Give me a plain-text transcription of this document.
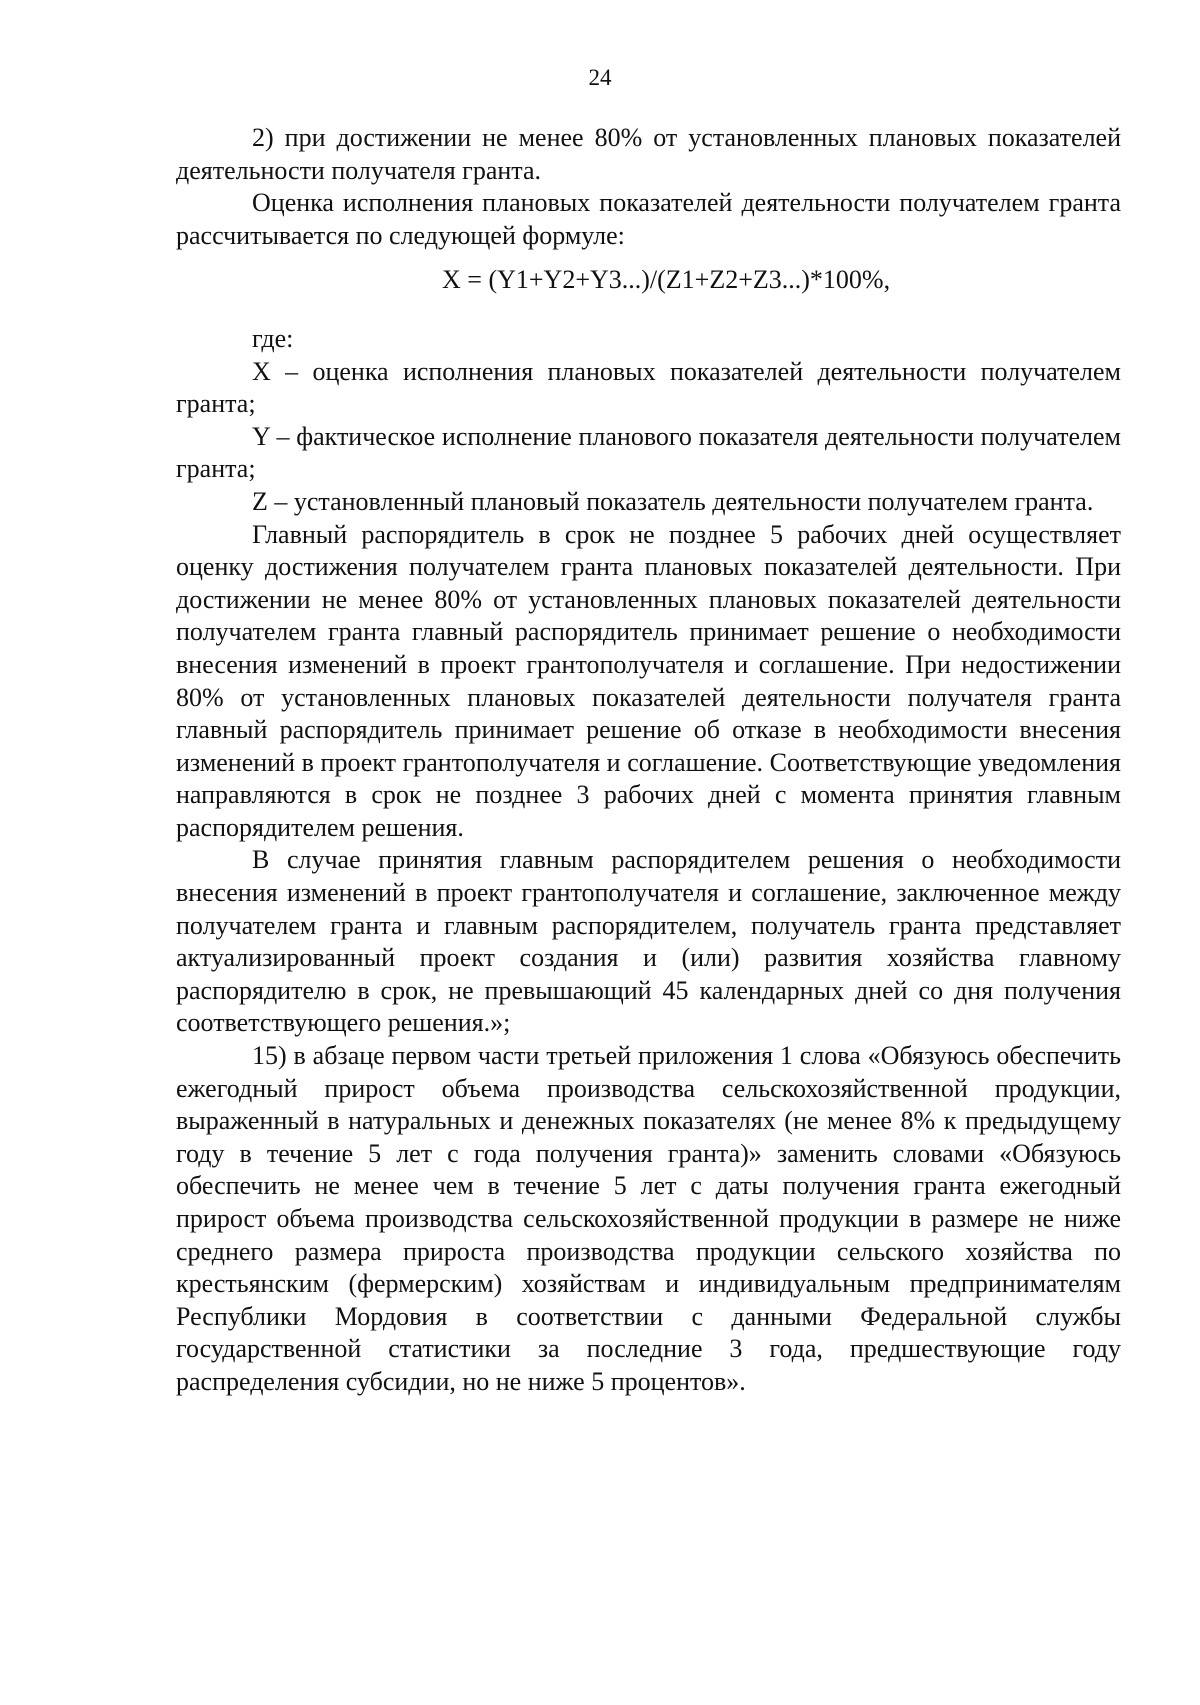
24

2) при достижении не менее 80% от установленных плановых показателей деятельности получателя гранта.

Оценка исполнения плановых показателей деятельности получателем гранта рассчитывается по следующей формуле:

X = (Y1+Y2+Y3...)/(Z1+Z2+Z3...)*100%,

где:

X – оценка исполнения плановых показателей деятельности получателем гранта;

Y – фактическое исполнение планового показателя деятельности получателем гранта;

Z – установленный плановый показатель деятельности получателем гранта.

Главный распорядитель в срок не позднее 5 рабочих дней осуществляет оценку достижения получателем гранта плановых показателей деятельности. При достижении не менее 80% от установленных плановых показателей деятельности получателем гранта главный распорядитель принимает решение о необходимости внесения изменений в проект грантополучателя и соглашение. При недостижении 80% от установленных плановых показателей деятельности получателя гранта главный распорядитель принимает решение об отказе в необходимости внесения изменений в проект грантополучателя и соглашение. Соответствующие уведомления направляются в срок не позднее 3 рабочих дней с момента принятия главным распорядителем решения.

В случае принятия главным распорядителем решения о необходимости внесения изменений в проект грантополучателя и соглашение, заключенное между получателем гранта и главным распорядителем, получатель гранта представляет актуализированный проект создания и (или) развития хозяйства главному распорядителю в срок, не превышающий 45 календарных дней со дня получения соответствующего решения.»;

15) в абзаце первом части третьей приложения 1 слова «Обязуюсь обеспечить ежегодный прирост объема производства сельскохозяйственной продукции, выраженный в натуральных и денежных показателях (не менее 8% к предыдущему году в течение 5 лет с года получения гранта)» заменить словами «Обязуюсь обеспечить не менее чем в течение 5 лет с даты получения гранта ежегодный прирост объема производства сельскохозяйственной продукции в размере не ниже среднего размера прироста производства продукции сельского хозяйства по крестьянским (фермерским) хозяйствам и индивидуальным предпринимателям Республики Мордовия в соответствии с данными Федеральной службы государственной статистики за последние 3 года, предшествующие году распределения субсидии, но не ниже 5 процентов».
